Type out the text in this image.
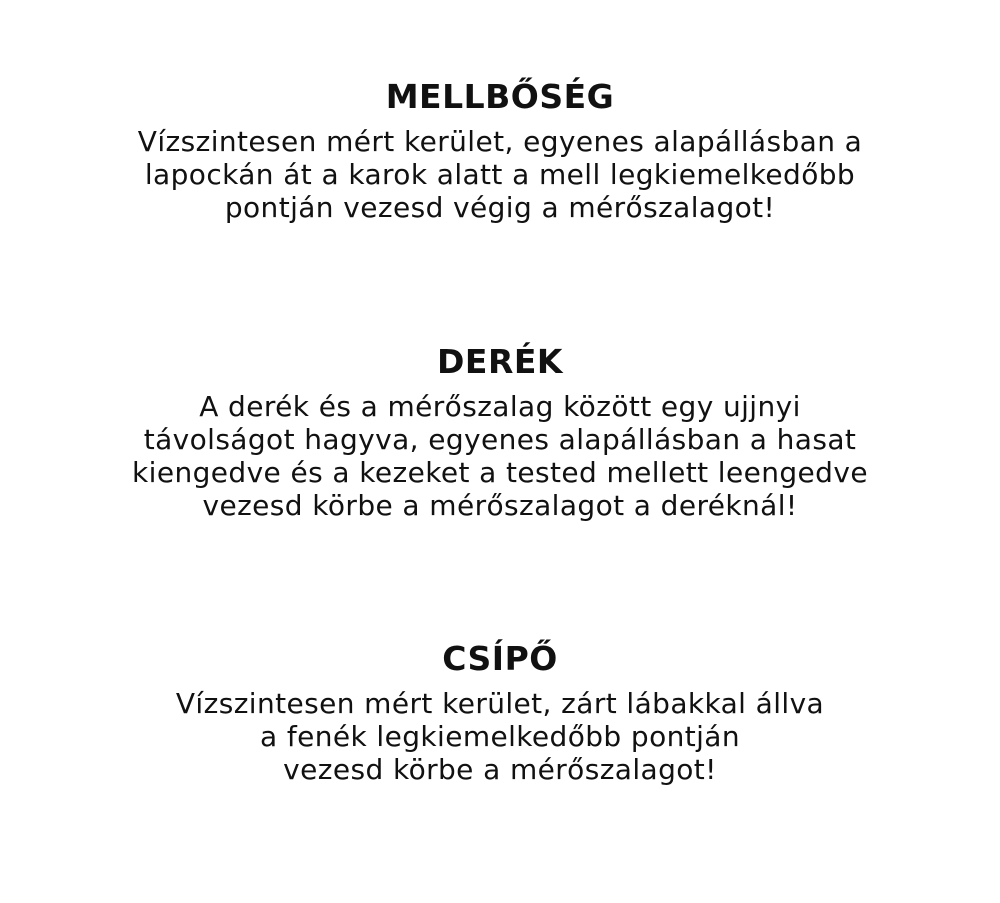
MELLBŐSÉG
Vízszintesen mért kerület, egyenes alapállásban a
lapockán át a karok alatt a mell legkiemelkedőbb
pontján vezesd végig a mérőszalagot!
DERÉK
A derék és a mérőszalag között egy ujjnyi
távolságot hagyva, egyenes alapállásban a hasat
kiengedve és a kezeket a tested mellett leengedve
vezesd körbe a mérőszalagot a deréknál!
CSÍPŐ
Vízszintesen mért kerület, zárt lábakkal állva
a fenék legkiemelkedőbb pontján
vezesd körbe a mérőszalagot!
